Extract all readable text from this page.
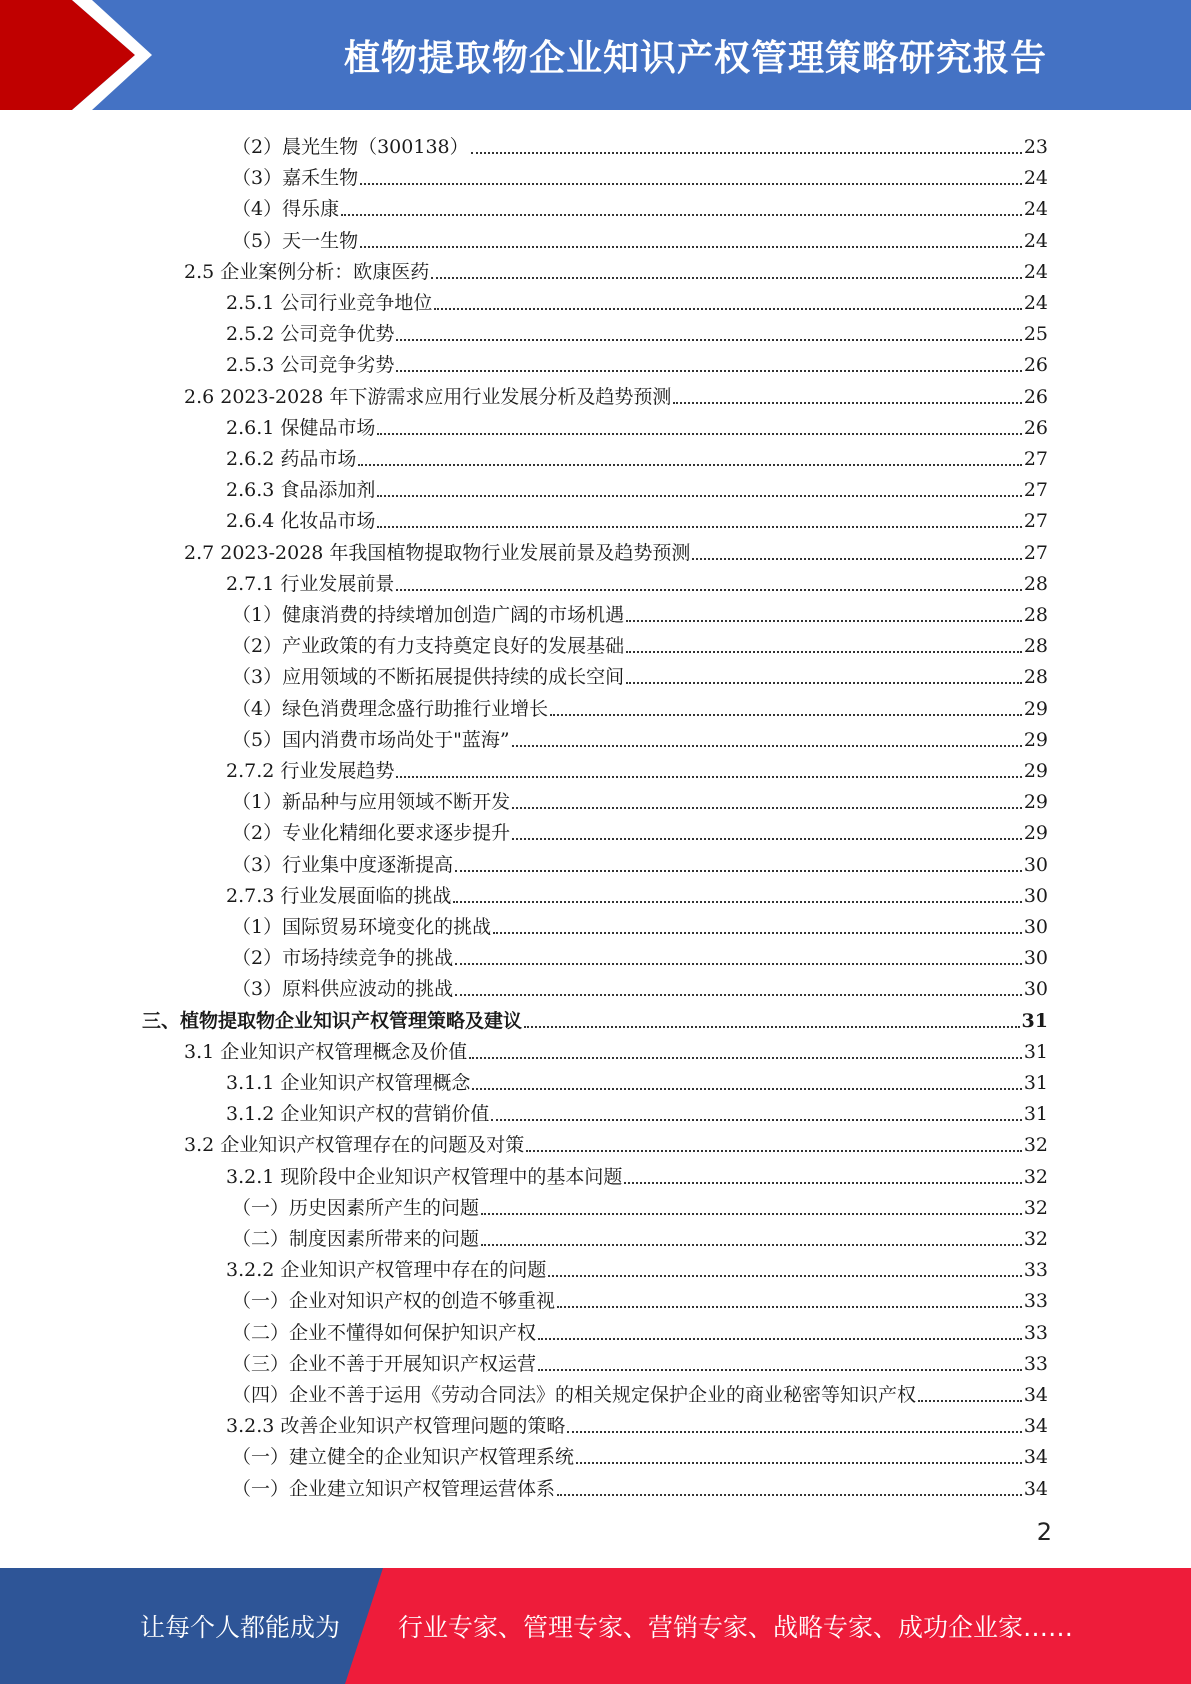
植物提取物企业知识产权管理策略研究报告
（2）晨光生物（300138）	23
（3）嘉禾生物	24
（4）得乐康	24
（5）天一生物	24
2.5 企业案例分析：欧康医药	24
2.5.1 公司行业竞争地位	24
2.5.2 公司竞争优势	25
2.5.3 公司竞争劣势	26
2.6 2023-2028 年下游需求应用行业发展分析及趋势预测	26
2.6.1 保健品市场	26
2.6.2 药品市场	27
2.6.3 食品添加剂	27
2.6.4 化妆品市场	27
2.7 2023-2028 年我国植物提取物行业发展前景及趋势预测	27
2.7.1 行业发展前景	28
（1）健康消费的持续增加创造广阔的市场机遇	28
（2）产业政策的有力支持奠定良好的发展基础	28
（3）应用领域的不断拓展提供持续的成长空间	28
（4）绿色消费理念盛行助推行业增长	29
（5）国内消费市场尚处于"蓝海”	29
2.7.2 行业发展趋势	29
（1）新品种与应用领域不断开发	29
（2）专业化精细化要求逐步提升	29
（3）行业集中度逐渐提高	30
2.7.3 行业发展面临的挑战	30
（1）国际贸易环境变化的挑战	30
（2）市场持续竞争的挑战	30
（3）原料供应波动的挑战	30
三、植物提取物企业知识产权管理策略及建议	31
3.1 企业知识产权管理概念及价值	31
3.1.1 企业知识产权管理概念	31
3.1.2 企业知识产权的营销价值	31
3.2 企业知识产权管理存在的问题及对策	32
3.2.1 现阶段中企业知识产权管理中的基本问题	32
（一）历史因素所产生的问题	32
（二）制度因素所带来的问题	32
3.2.2 企业知识产权管理中存在的问题	33
（一）企业对知识产权的创造不够重视	33
（二）企业不懂得如何保护知识产权	33
（三）企业不善于开展知识产权运营	33
（四）企业不善于运用《劳动合同法》的相关规定保护企业的商业秘密等知识产权	34
3.2.3 改善企业知识产权管理问题的策略	34
（一）建立健全的企业知识产权管理系统	34
（一）企业建立知识产权管理运营体系	34
2
让每个人都能成为 行业专家、管理专家、营销专家、战略专家、成功企业家……
